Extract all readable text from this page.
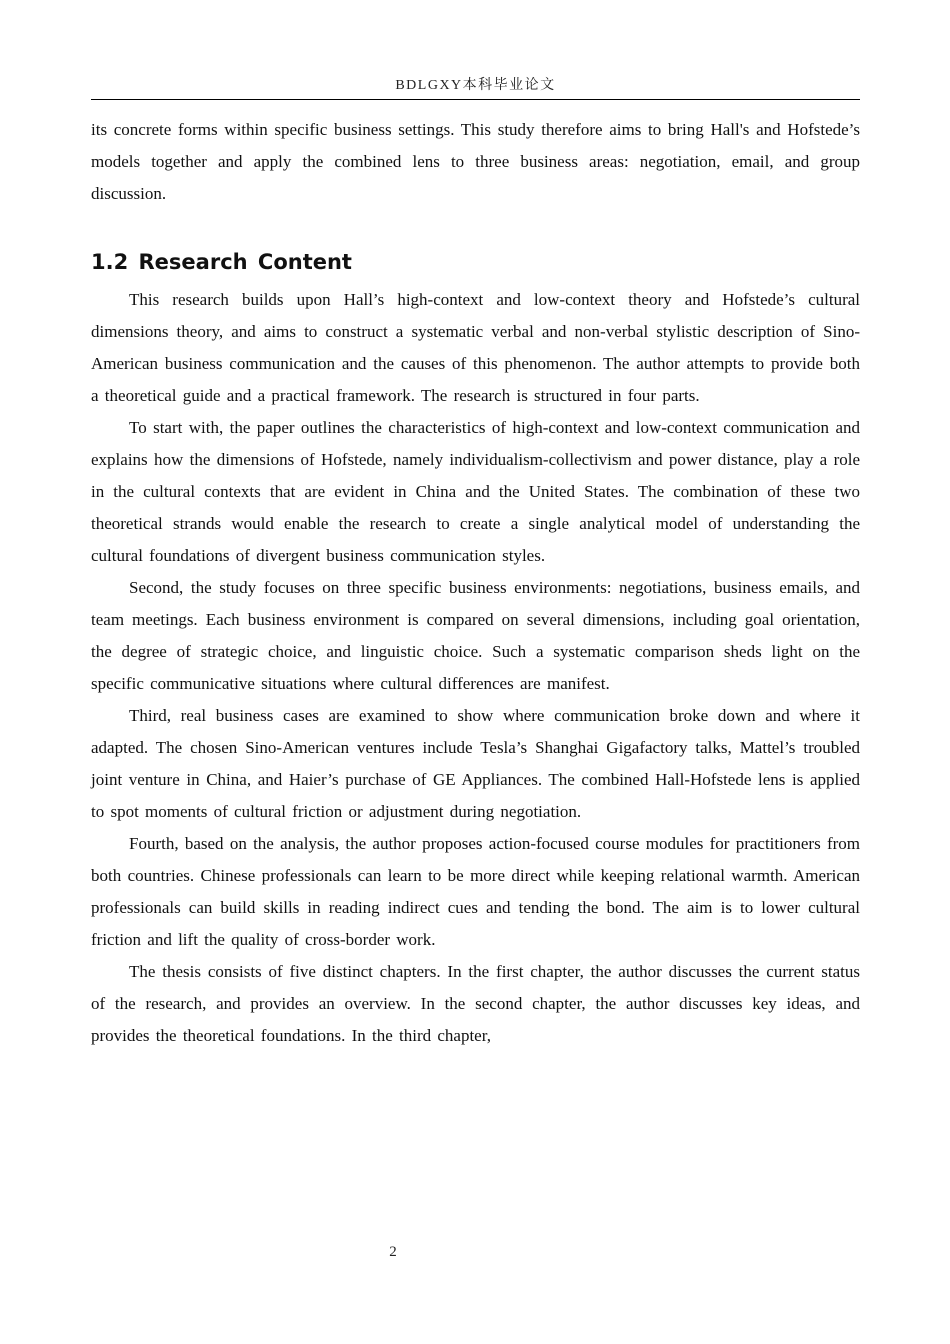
BDLGXY本科毕业论文

its concrete forms within specific business settings. This study therefore aims to bring Hall's and Hofstede’s models together and apply the combined lens to three business areas: negotiation, email, and group discussion.

1.2 Research Content

This research builds upon Hall’s high-context and low-context theory and Hofstede’s cultural dimensions theory, and aims to construct a systematic verbal and non-verbal stylistic description of Sino-American business communication and the causes of this phenomenon. The author attempts to provide both a theoretical guide and a practical framework. The research is structured in four parts.

To start with, the paper outlines the characteristics of high-context and low-context communication and explains how the dimensions of Hofstede, namely individualism-collectivism and power distance, play a role in the cultural contexts that are evident in China and the United States. The combination of these two theoretical strands would enable the research to create a single analytical model of understanding the cultural foundations of divergent business communication styles.

Second, the study focuses on three specific business environments: negotiations, business emails, and team meetings. Each business environment is compared on several dimensions, including goal orientation, the degree of strategic choice, and linguistic choice. Such a systematic comparison sheds light on the specific communicative situations where cultural differences are manifest.

Third, real business cases are examined to show where communication broke down and where it adapted. The chosen Sino-American ventures include Tesla’s Shanghai Gigafactory talks, Mattel’s troubled joint venture in China, and Haier’s purchase of GE Appliances. The combined Hall-Hofstede lens is applied to spot moments of cultural friction or adjustment during negotiation.

Fourth, based on the analysis, the author proposes action-focused course modules for practitioners from both countries. Chinese professionals can learn to be more direct while keeping relational warmth. American professionals can build skills in reading indirect cues and tending the bond. The aim is to lower cultural friction and lift the quality of cross-border work.

The thesis consists of five distinct chapters. In the first chapter, the author discusses the current status of the research, and provides an overview. In the second chapter, the author discusses key ideas, and provides the theoretical foundations. In the third chapter,

2
